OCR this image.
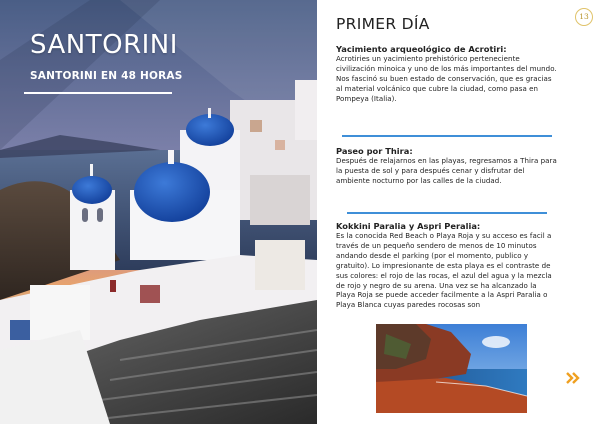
SANTORINI
SANTORINI EN 48 HORAS
PRIMER DÍA	13
Yacimiento arqueológico de Acrotiri:

Acrotiries un yacimiento prehistórico perteneciente civilización minoica y uno de los más importantes del mundo. Nos fascinó su buen estado de conservación, que es gracias al material volcánico que cubre la ciudad, como pasa en Pompeya (Italia).

Paseo por Thira:

Después de relajarnos en las playas, regresamos a Thira para la puesta de sol y para después cenar y disfrutar del ambiente nocturno por las calles de la ciudad.

Kokkini Paralia y Aspri Peralia:

Es la conocida Red Beach o Playa Roja y su acceso es facil a través de un pequeño sendero de menos de 10 minutos andando desde el parking (por el momento, publico y gratuito). Lo impresionante de esta playa es el contraste de sus colores: el rojo de las rocas, el azul del agua y la mezcla de rojo y negro de su arena. Una vez se ha alcanzado la Playa Roja se puede acceder facilmente a la Aspri Paralia o Playa Blanca cuyas paredes rocosas son
